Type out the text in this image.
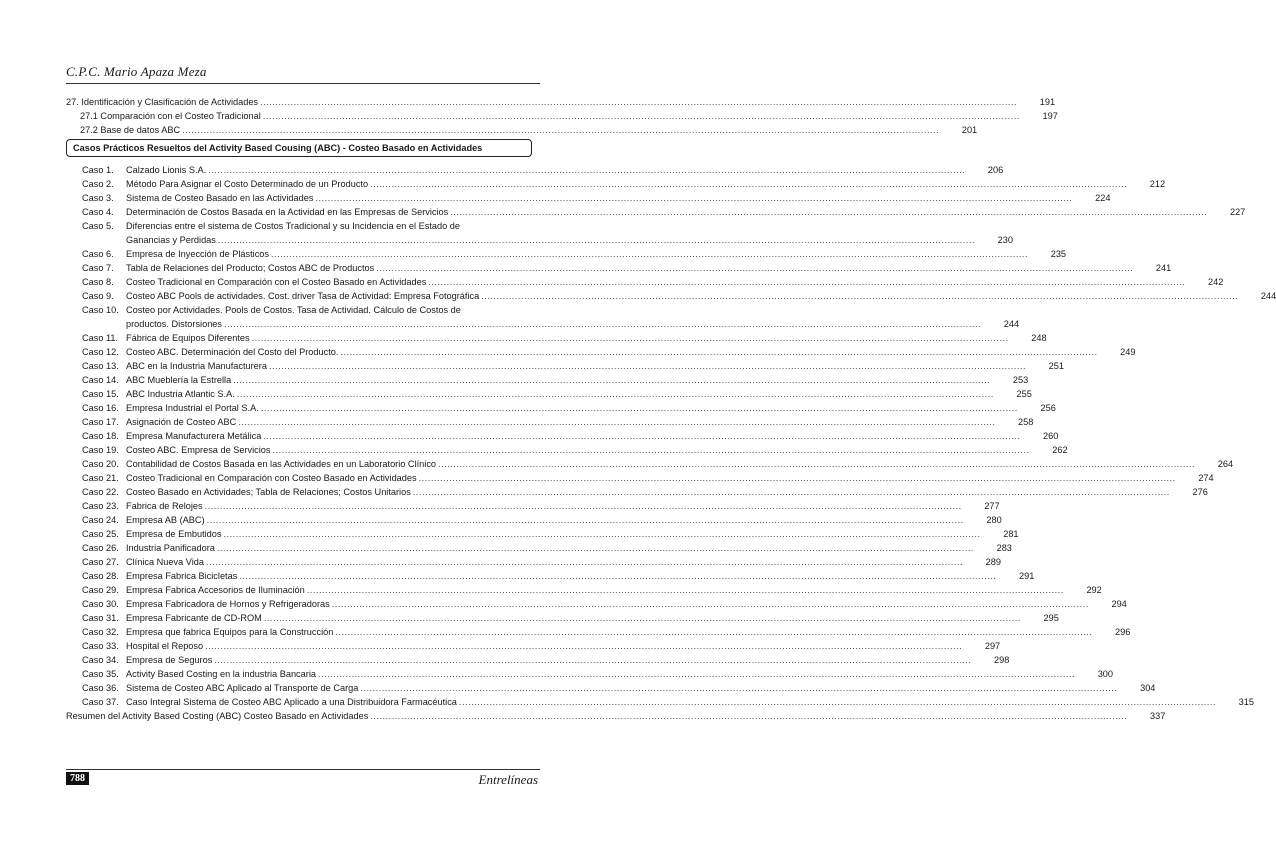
C.P.C. Mario Apaza Meza
27. Identificación y Clasificación de Actividades .....	191
27.1 Comparación con el Costeo Tradicional .....	197
27.2 Base de datos ABC .....	201
Casos Prácticos Resueltos del Activity Based Cousing (ABC) - Costeo Basado en Actividades
Caso 1.	Calzado Lionis S.A. .....	206
Caso 2.	Método Para Asignar el Costo Determinado de un Producto .....	212
Caso 3.	Sistema de Costeo Basado en las Actividades .....	224
Caso 4.	Determinación de Costos Basada en la Actividad en las Empresas de Servicios .....	227
Caso 5.	Diferencias entre el sistema de Costos Tradicional y su Incidencia en el Estado de
Ganancias y Perdidas .....	230
Caso 6.	Empresa de Inyección de Plásticos .....	235
Caso 7.	Tabla de Relaciones del Producto; Costos ABC de Productos .....	241
Caso 8.	Costeo Tradicional en Comparación con el Costeo Basado en Actividades .....	242
Caso 9.	Costeo ABC Pools de actividades. Cost. driver Tasa de Actividad: Empresa Fotográfica .....	244
Caso 10. Costeo por Actividades. Pools de Costos. Tasa de Actividad. Cálculo de Costos de
productos. Distorsiones .....	244
Caso 11. Fábrica de Equipos Diferentes .....	248
Caso 12. Costeo ABC. Determinación del Costo del Producto. .....	249
Caso 13. ABC en la Industria Manufacturera .....	251
Caso 14. ABC Mueblería la Estrella .....	253
Caso 15. ABC Industria Atlantic S.A. .....	255
Caso 16. Empresa Industrial el Portal S.A. .....	256
Caso 17. Asignación de Costeo ABC .....	258
Caso 18. Empresa Manufacturera Metálica .....	260
Caso 19. Costeo ABC. Empresa de Servicios .....	262
Caso 20. Contabilidad de Costos Basada en las Actividades en un Laboratorio Clínico .....	264
Caso 21. Costeo Tradicional en Comparación con Costeo Basado en Actividades .....	274
Caso 22. Costeo Basado en Actividades; Tabla de Relaciones; Costos Unitarios .....	276
Caso 23. Fabrica de Relojes .....	277
Caso 24. Empresa AB (ABC) .....	280
Caso 25. Empresa de Embutidos .....	281
Caso 26. Industria Panificadora .....	283
Caso 27. Clínica Nueva Vida .....	289
Caso 28. Empresa Fabrica Bicicletas .....	291
Caso 29. Empresa Fabrica Accesorios de Iluminación .....	292
Caso 30. Empresa Fabricadora de Hornos y Refrigeradoras .....	294
Caso 31. Empresa Fabricante de CD-ROM .....	295
Caso 32. Empresa que fabrica Equipos para la Construcción .....	296
Caso 33. Hospital el Reposo .....	297
Caso 34. Empresa de Seguros .....	298
Caso 35. Activity Based Costing en la industria Bancaria .....	300
Caso 36. Sistema de Costeo ABC Aplicado al Transporte de Carga .....	304
Caso 37. Caso Integral Sistema de Costeo ABC Aplicado a una Distribuidora Farmacéutica .....	315
Resumen del Activity Based Costing (ABC) Costeo Basado en Actividades .....	337
788	Entrelíneas
